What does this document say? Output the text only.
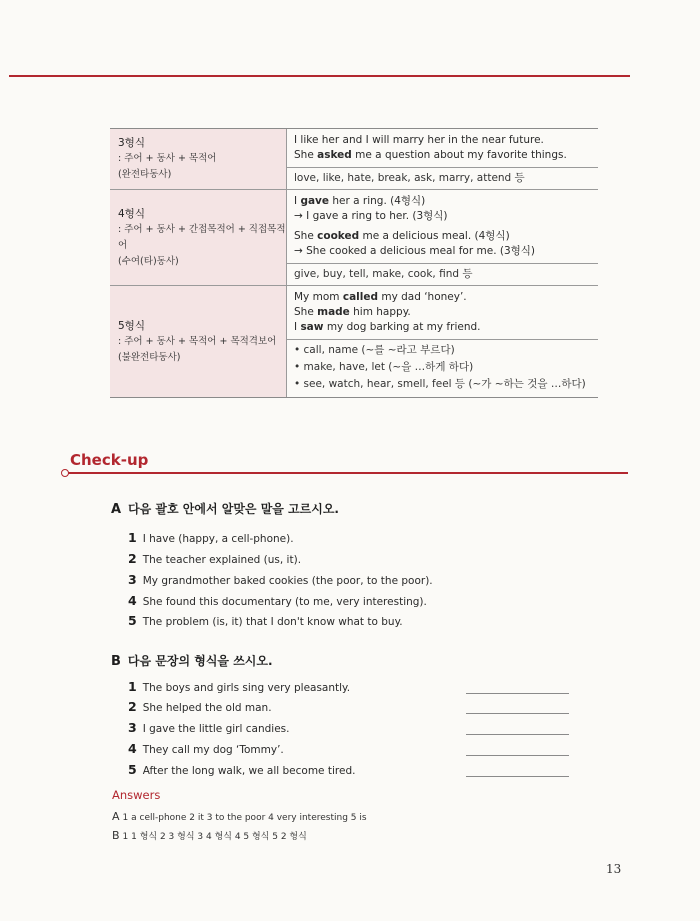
3형식
: 주어 + 동사 + 목적어
(완전타동사)
I like her and I will marry her in the near future.
She asked me a question about my favorite things.
love, like, hate, break, ask, marry, attend 등
4형식
: 주어 + 동사 + 간접목적어 + 직접목적어
(수여(타)동사)
I gave her a ring. (4형식)
→ I gave a ring to her. (3형식)
She cooked me a delicious meal. (4형식)
→ She cooked a delicious meal for me. (3형식)
give, buy, tell, make, cook, find 등
5형식
: 주어 + 동사 + 목적어 + 목적격보어
(불완전타동사)
My mom called my dad ‘honey’.
She made him happy.
I saw my dog barking at my friend.
• call, name (~를 ~라고 부르다)
• make, have, let (~을 …하게 하다)
• see, watch, hear, smell, feel 등 (~가 ~하는 것을 …하다)
Check-up
A 다음 괄호 안에서 알맞은 말을 고르시오.
1 I have (happy, a cell-phone).
2 The teacher explained (us, it).
3 My grandmother baked cookies (the poor, to the poor).
4 She found this documentary (to me, very interesting).
5 The problem (is, it) that I don't know what to buy.
B 다음 문장의 형식을 쓰시오.
1 The boys and girls sing very pleasantly.
2 She helped the old man.
3 I gave the little girl candies.
4 They call my dog ‘Tommy’.
5 After the long walk, we all become tired.
Answers
A 1 a cell-phone 2 it 3 to the poor 4 very interesting 5 is
B 1 1 형식 2 3 형식 3 4 형식 4 5 형식 5 2 형식
13
